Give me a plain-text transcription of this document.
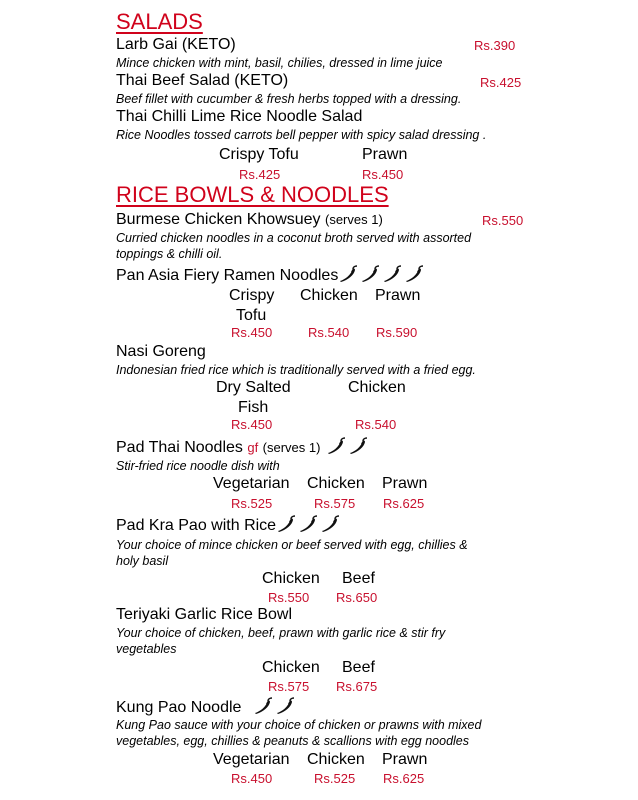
SALADS
Larb Gai (KETO)	Rs.390
Mince chicken with mint, basil, chilies, dressed in lime juice
Thai Beef Salad (KETO)	Rs.425
Beef fillet with cucumber & fresh herbs topped with a dressing.
Thai Chilli Lime Rice Noodle Salad
Rice Noodles tossed carrots bell pepper with spicy salad dressing .
Crispy Tofu	Prawn
Rs.425	Rs.450
RICE BOWLS & NOODLES
Burmese Chicken Khowsuey (serves 1)	Rs.550
Curried chicken noodles in a coconut broth served with assorted
toppings & chilli oil.
Pan Asia Fiery Ramen Noodles
Crispy
Tofu
Chicken Prawn
Rs.450	Rs.540 Rs.590
Nasi Goreng
Indonesian fried rice which is traditionally served with a fried egg.
Dry Salted
Fish
Chicken
Rs.450	Rs.540
Pad Thai Noodles gf (serves 1)
Stir-fried rice noodle dish with
Vegetarian Chicken Prawn
Rs.525	Rs.575 Rs.625
Pad Kra Pao with Rice
Your choice of mince chicken or beef served with egg, chillies &
holy basil
Chicken Beef
Rs.550 Rs.650
Teriyaki Garlic Rice Bowl
Your choice of chicken, beef, prawn with garlic rice & stir fry
vegetables
Chicken Beef
Rs.575 Rs.675
Kung Pao Noodle
Kung Pao sauce with your choice of chicken or prawns with mixed
vegetables, egg, chillies & peanuts & scallions with egg noodles
Vegetarian Chicken Prawn
Rs.450	Rs.525 Rs.625
